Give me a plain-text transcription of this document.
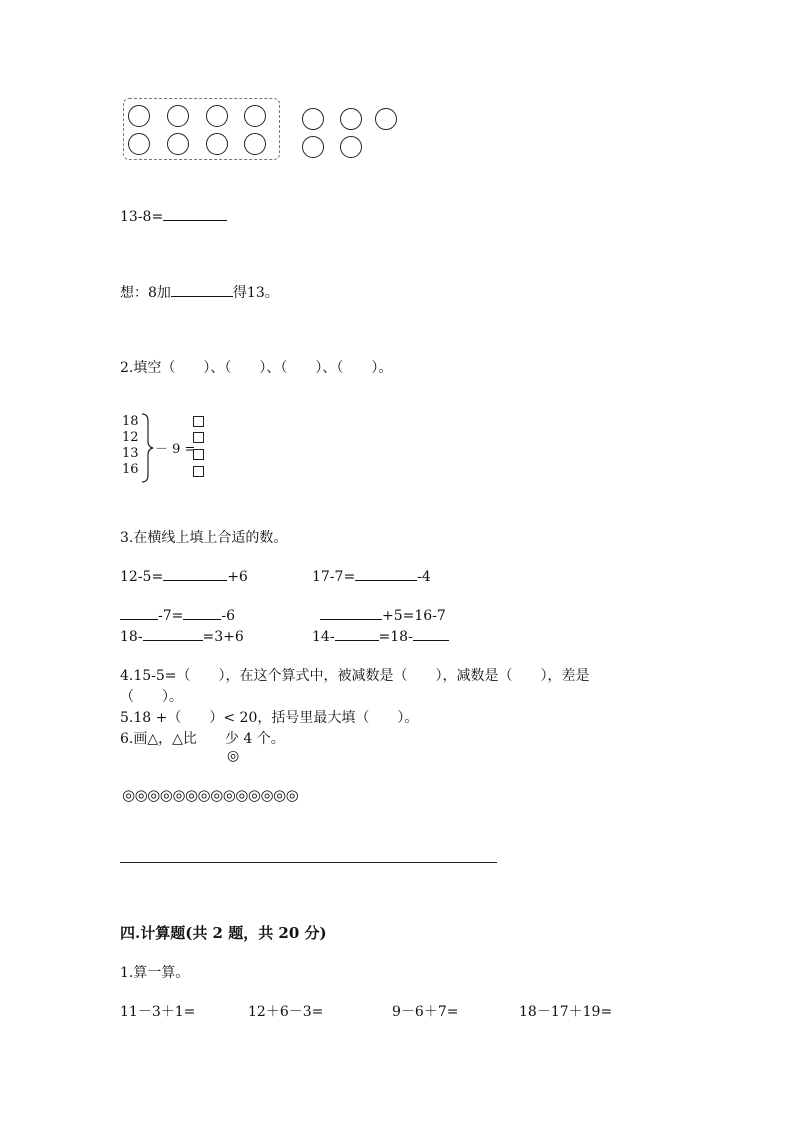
13-8=
想：8加	得13。
2.填空（　　）、（　　）、（　　）、（　　）。
18
12
13
16
－ 9 =
3.在横线上填上合适的数。
12-5=	+6	17-7=	-4
-7=	-6	+5=16-7
18-	=3+6	14-	=18-
4.15-5=（　　），在这个算式中，被减数是（　　），减数是（　　），差是
（　　）。
5.18 +（　　）< 20，括号里最大填（　　）。
6.画△，△比　　少 4 个。
◎
◎◎◎◎◎◎◎◎◎◎◎◎◎◎
四.计算题(共 2 题，共 20 分)
1.算一算。
11－3＋1=	12＋6－3=	9－6＋7=	18－17＋19=
